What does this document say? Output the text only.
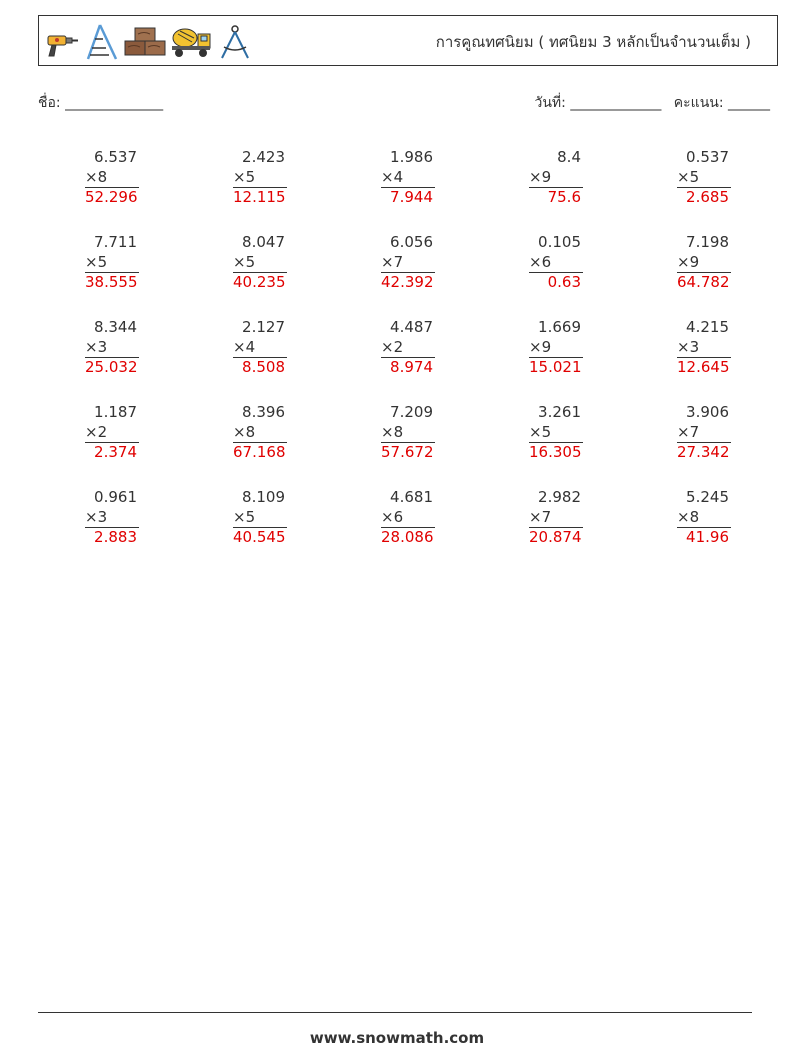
การคูณทศนิยม ( ทศนิยม 3 หลักเป็นจำนวนเต็ม )
ชื่อ: ______________	วันที่: _____________ คะแนน: ______
6.537
×8
52.296
2.423
×5
12.115
1.986
×4
7.944
8.4
×9
75.6
0.537
×5
2.685
7.711
×5
38.555
8.047
×5
40.235
6.056
×7
42.392
0.105
×6
0.63
7.198
×9
64.782
8.344
×3
25.032
2.127
×4
8.508
4.487
×2
8.974
1.669
×9
15.021
4.215
×3
12.645
1.187
×2
2.374
8.396
×8
67.168
7.209
×8
57.672
3.261
×5
16.305
3.906
×7
27.342
0.961
×3
2.883
8.109
×5
40.545
4.681
×6
28.086
2.982
×7
20.874
5.245
×8
41.96
www.snowmath.com
